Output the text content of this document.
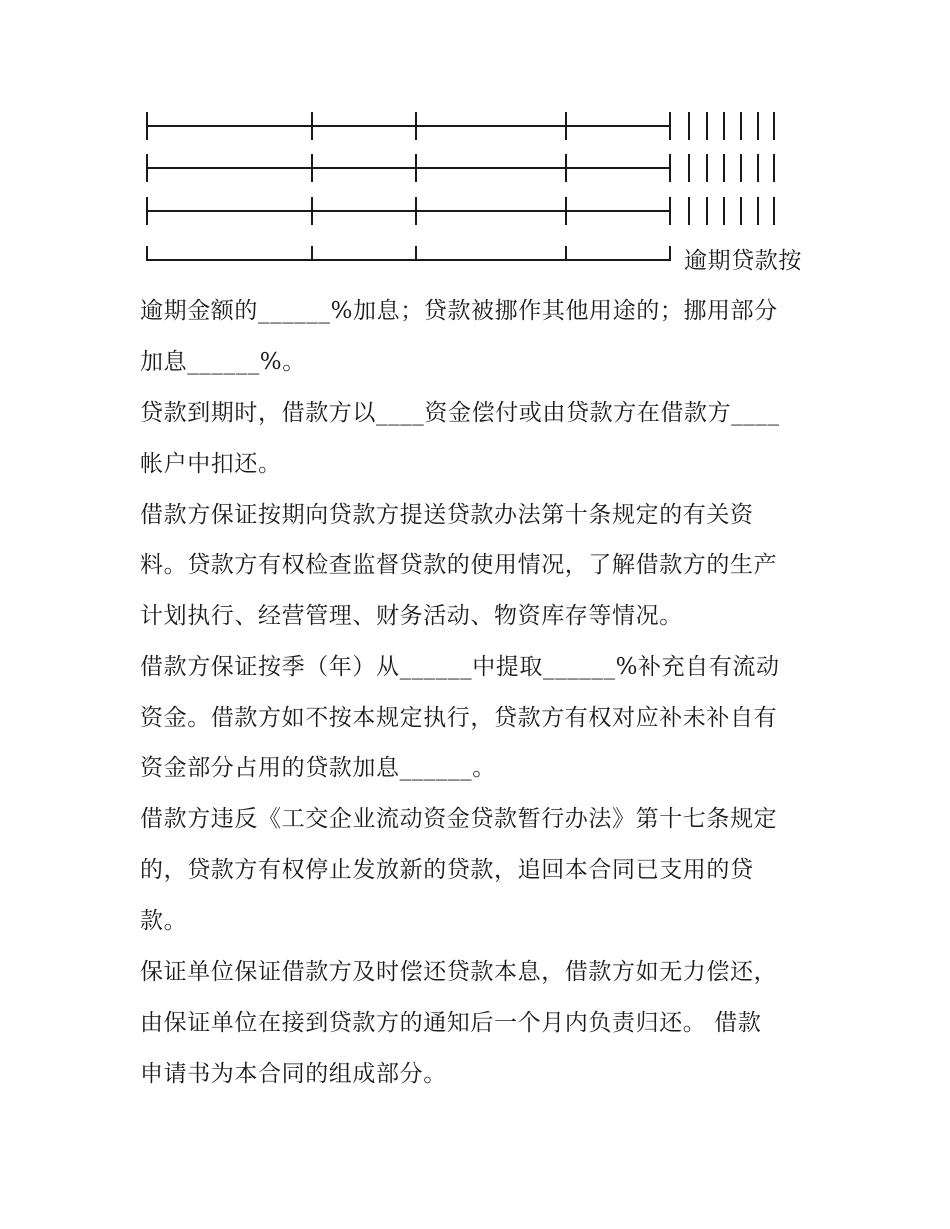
逾期贷款按
逾期金额的______%加息；贷款被挪作其他用途的；挪用部分
加息______%。
贷款到期时，借款方以____资金偿付或由贷款方在借款方____
帐户中扣还。
借款方保证按期向贷款方提送贷款办法第十条规定的有关资
料。贷款方有权检查监督贷款的使用情况，了解借款方的生产
计划执行、经营管理、财务活动、物资库存等情况。
借款方保证按季（年）从______中提取______%补充自有流动
资金。借款方如不按本规定执行，贷款方有权对应补未补自有
资金部分占用的贷款加息______。
借款方违反《工交企业流动资金贷款暂行办法》第十七条规定
的，贷款方有权停止发放新的贷款，追回本合同已支用的贷
款。
保证单位保证借款方及时偿还贷款本息，借款方如无力偿还，
由保证单位在接到贷款方的通知后一个月内负责归还。 借款
申请书为本合同的组成部分。
